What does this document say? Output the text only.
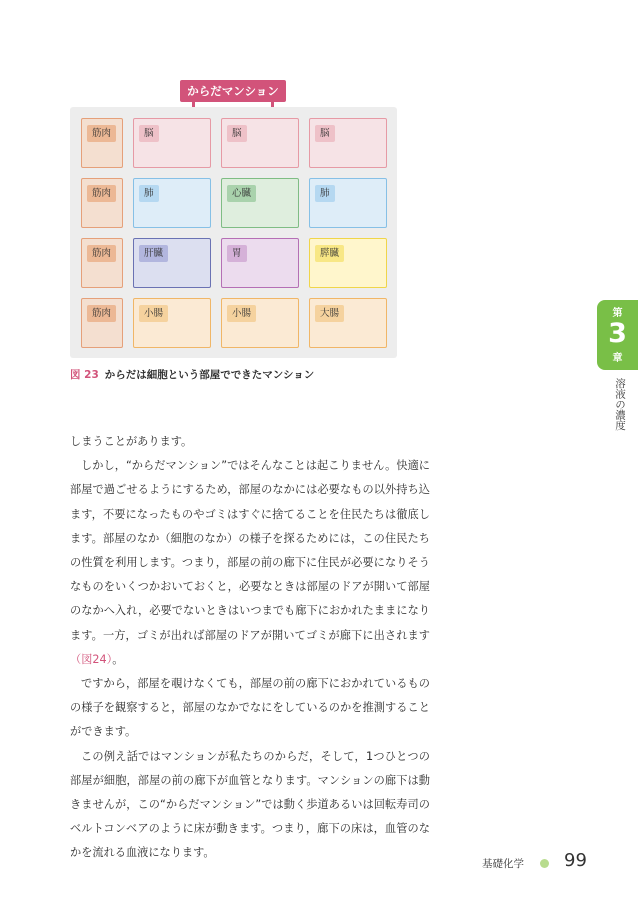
からだマンション
筋肉	脳	脳	脳
筋肉	肺	心臓	肺
筋肉	肝臓	胃	膵臓
筋肉	小腸	小腸	大腸
図 23 からだは細胞という部屋でできたマンション

しまうことがあります。

しかし，“からだマンション”ではそんなことは起こりません。快適に部屋で過ごせるようにするため，部屋のなかには必要なもの以外持ち込ます，不要になったものやゴミはすぐに捨てることを住民たちは徹底します。部屋のなか（細胞のなか）の様子を探るためには，この住民たちの性質を利用します。つまり，部屋の前の廊下に住民が必要になりそうなものをいくつかおいておくと，必要なときは部屋のドアが開いて部屋のなかへ入れ，必要でないときはいつまでも廊下におかれたままになります。一方，ゴミが出れば部屋のドアが開いてゴミが廊下に出されます（図24）。

ですから，部屋を覗けなくても，部屋の前の廊下におかれているものの様子を観察すると，部屋のなかでなにをしているのかを推測することができます。

この例え話ではマンションが私たちのからだ，そして，1つひとつの部屋が細胞，部屋の前の廊下が血管となります。マンションの廊下は動きませんが，この“からだマンション”では動く歩道あるいは回転寿司のベルトコンベアのように床が動きます。つまり，廊下の床は，血管のなかを流れる血液になります。

第
3
章
溶液の濃度
基礎化学 99
